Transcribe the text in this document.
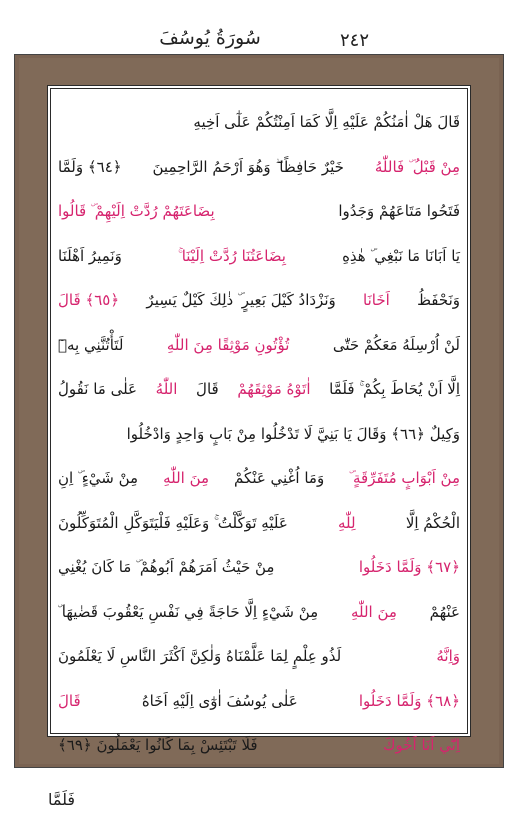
سُورَةُ يُوسُفَ	٢٤٢
قَالَ هَلْ اٰمَنُكُمْ عَلَيْهِ اِلَّا كَمَا اَمِنْتُكُمْ عَلٰٓى اَخِيهِ
مِنْ قَبْلُ ۜ فَاللّٰهُ
خَيْرٌ حَافِظًا ۖ وَهُوَ اَرْحَمُ الرَّاحِمِينَ
﴿٦٤﴾ وَلَمَّا
فَتَحُوا مَتَاعَهُمْ وَجَدُوا
بِضَاعَتَهُمْ رُدَّتْ اِلَيْهِمْ ۜ قَالُوا
يَا اَبَانَا مَا نَبْغِي ۜ هٰذِهِ
بِضَاعَتُنَا رُدَّتْ اِلَيْنَا ۚ
وَنَمِيرُ اَهْلَنَا
وَنَحْفَظُ
اَخَانَا
وَنَزْدَادُ كَيْلَ بَعِيرٍ ۜ ذٰلِكَ كَيْلٌ يَسِيرٌ
﴿٦٥﴾ قَالَ
لَنْ اُرْسِلَهُ مَعَكُمْ حَتّٰى
تُؤْتُونِ مَوْثِقًا مِنَ اللّٰهِ
لَتَأْتُنَّنِي بِهٖٓ
اِلَّا اَنْ يُحَاطَ بِكُمْ ۚ فَلَمَّا
اٰتَوْهُ مَوْثِقَهُمْ
قَالَ
اللّٰهُ
عَلٰى مَا نَقُولُ
وَكِيلٌ ﴿٦٦﴾ وَقَالَ يَا بَنِيَّ لَا تَدْخُلُوا مِنْ بَابٍ وَاحِدٍ وَادْخُلُوا
مِنْ اَبْوَابٍ مُتَفَرِّقَةٍ ۜ
وَمَا اُغْنِي عَنْكُمْ
مِنَ اللّٰهِ
مِنْ شَيْءٍ ۜ اِنِ
الْحُكْمُ اِلَّا
لِلّٰهِ
عَلَيْهِ تَوَكَّلْتُ ۚ وَعَلَيْهِ فَلْيَتَوَكَّلِ الْمُتَوَكِّلُونَ
﴿٦٧﴾ وَلَمَّا دَخَلُوا
مِنْ حَيْثُ اَمَرَهُمْ اَبُوهُمْ ۜ مَا كَانَ يُغْنِي
عَنْهُمْ
مِنَ اللّٰهِ
مِنْ شَيْءٍ اِلَّا حَاجَةً فِي نَفْسِ يَعْقُوبَ قَضٰيهَا ۜ
وَاِنَّهُ
لَذُو عِلْمٍ لِمَا عَلَّمْنَاهُ وَلٰكِنَّ اَكْثَرَ النَّاسِ لَا يَعْلَمُونَ
﴿٦٨﴾ وَلَمَّا دَخَلُوا
عَلٰى يُوسُفَ اٰوٰٓى اِلَيْهِ اَخَاهُ
قَالَ
اِنّٓي اَنَا اَخُوكَ
فَلَا تَبْتَئِسْ بِمَا كَانُوا يَعْمَلُونَ ﴿٦٩﴾
فَلَمَّا
